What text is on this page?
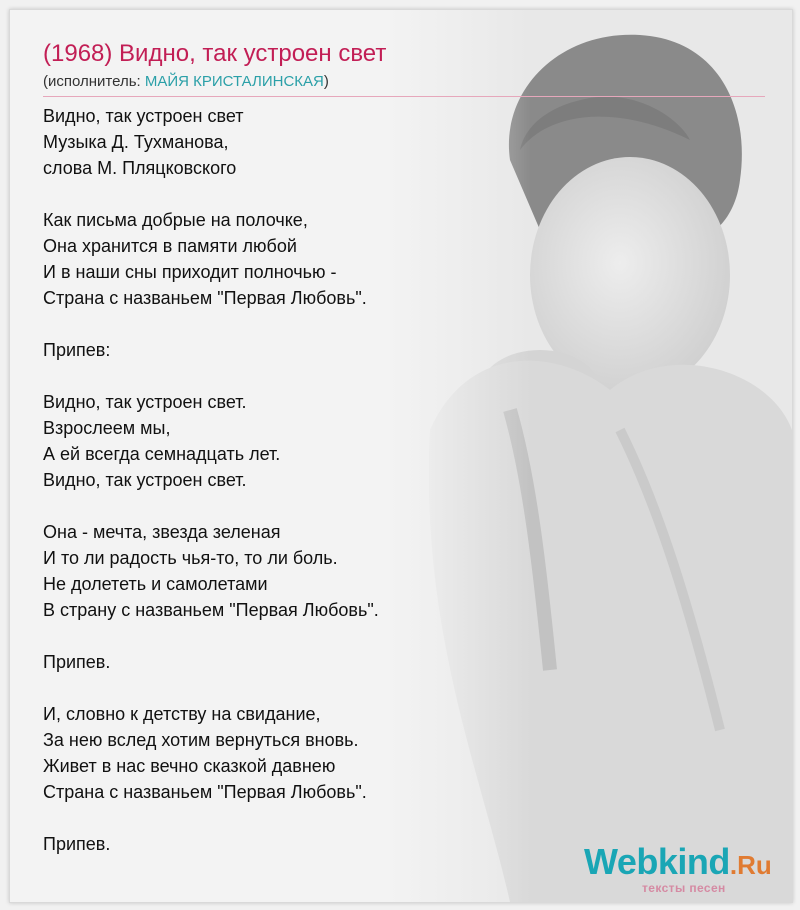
(1968) Видно, так устроен свет
(исполнитель: МАЙЯ КРИСТАЛИНСКАЯ)
Видно, так устроен свет
Музыка Д. Тухманова,
слова М. Пляцковского
Как письма добрые на полочке,
Она хранится в памяти любой
И в наши сны приходит полночью -
Страна с названьем "Первая Любовь".
Припев:
Видно, так устроен свет.
Взрослеем мы,
А ей всегда семнадцать лет.
Видно, так устроен свет.
Она - мечта, звезда зеленая
И то ли радость чья-то, то ли боль.
Не долететь и самолетами
В страну с названьем "Первая Любовь".
Припев.
И, словно к детству на свидание,
За нею вслед хотим вернуться вновь.
Живет в нас вечно сказкой давнею
Страна с названьем "Первая Любовь".
Припев.	Webkind.Ru
тексты песен
